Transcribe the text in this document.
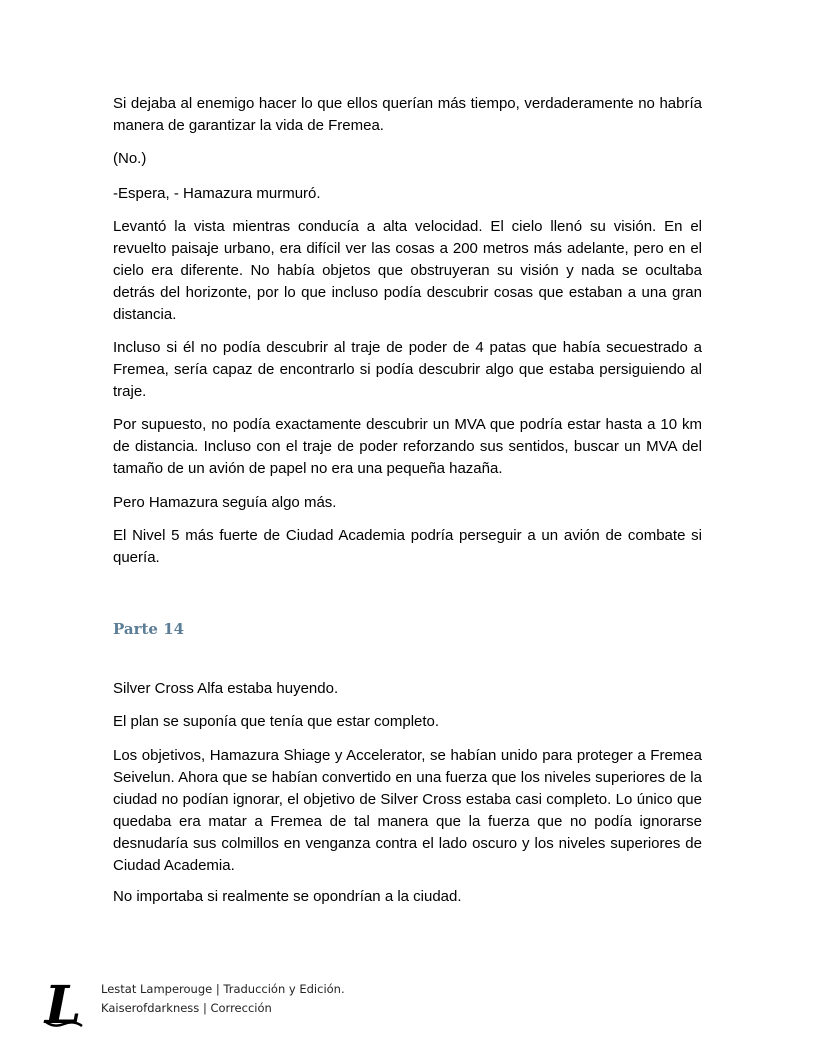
Si dejaba al enemigo hacer lo que ellos querían más tiempo, verdaderamente no habría manera de garantizar la vida de Fremea.

(No.)

-Espera, - Hamazura murmuró.

Levantó la vista mientras conducía a alta velocidad. El cielo llenó su visión. En el revuelto paisaje urbano, era difícil ver las cosas a 200 metros más adelante, pero en el cielo era diferente. No había objetos que obstruyeran su visión y nada se ocultaba detrás del horizonte, por lo que incluso podía descubrir cosas que estaban a una gran distancia.

Incluso si él no podía descubrir al traje de poder de 4 patas que había secuestrado a Fremea, sería capaz de encontrarlo si podía descubrir algo que estaba persiguiendo al traje.

Por supuesto, no podía exactamente descubrir un MVA que podría estar hasta a 10 km de distancia. Incluso con el traje de poder reforzando sus sentidos, buscar un MVA del tamaño de un avión de papel no era una pequeña hazaña.

Pero Hamazura seguía algo más.

El Nivel 5 más fuerte de Ciudad Academia podría perseguir a un avión de combate si quería.

Parte 14

Silver Cross Alfa estaba huyendo.

El plan se suponía que tenía que estar completo.

Los objetivos, Hamazura Shiage y Accelerator, se habían unido para proteger a Fremea Seivelun. Ahora que se habían convertido en una fuerza que los niveles superiores de la ciudad no podían ignorar, el objetivo de Silver Cross estaba casi completo. Lo único que quedaba era matar a Fremea de tal manera que la fuerza que no podía ignorarse desnudaría sus colmillos en venganza contra el lado oscuro y los niveles superiores de Ciudad Academia.

No importaba si realmente se opondrían a la ciudad.

L Lestat Lamperouge | Traducción y Edición.
Kaiserofdarkness | Corrección
